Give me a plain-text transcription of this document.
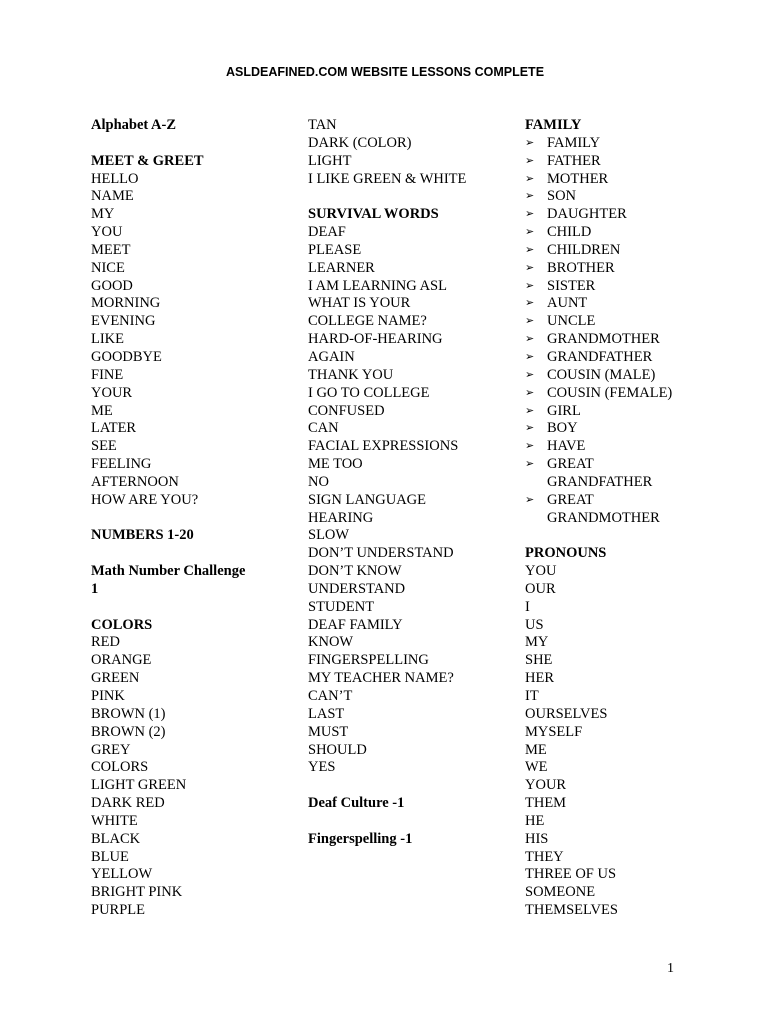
ASLDEAFINED.COM WEBSITE LESSONS COMPLETE
Alphabet A-Z
MEET & GREET
HELLO
NAME
MY
YOU
MEET
NICE
GOOD
MORNING
EVENING
LIKE
GOODBYE
FINE
YOUR
ME
LATER
SEE
FEELING
AFTERNOON
HOW ARE YOU?
NUMBERS 1-20
Math Number Challenge
1
COLORS
RED
ORANGE
GREEN
PINK
BROWN (1)
BROWN (2)
GREY
COLORS
LIGHT GREEN
DARK RED
WHITE
BLACK
BLUE
YELLOW
BRIGHT PINK
PURPLE
TAN
DARK (COLOR)
LIGHT
I LIKE GREEN & WHITE
SURVIVAL WORDS
DEAF
PLEASE
LEARNER
I AM LEARNING ASL
WHAT IS YOUR
COLLEGE NAME?
HARD-OF-HEARING
AGAIN
THANK YOU
I GO TO COLLEGE
CONFUSED
CAN
FACIAL EXPRESSIONS
ME TOO
NO
SIGN LANGUAGE
HEARING
SLOW
DON’T UNDERSTAND
DON’T KNOW
UNDERSTAND
STUDENT
DEAF FAMILY
KNOW
FINGERSPELLING
MY TEACHER NAME?
CAN’T
LAST
MUST
SHOULD
YES
Deaf Culture -1
Fingerspelling -1
FAMILY
➢ FAMILY
➢ FATHER
➢ MOTHER
➢ SON
➢ DAUGHTER
➢ CHILD
➢ CHILDREN
➢ BROTHER
➢ SISTER
➢ AUNT
➢ UNCLE
➢ GRANDMOTHER
➢ GRANDFATHER
➢ COUSIN (MALE)
➢ COUSIN (FEMALE)
➢ GIRL
➢ BOY
➢ HAVE
➢ GREAT
GRANDFATHER
➢ GREAT
GRANDMOTHER
PRONOUNS
YOU
OUR
I
US
MY
SHE
HER
IT
OURSELVES
MYSELF
ME
WE
YOUR
THEM
HE
HIS
THEY
THREE OF US
SOMEONE
THEMSELVES
1
